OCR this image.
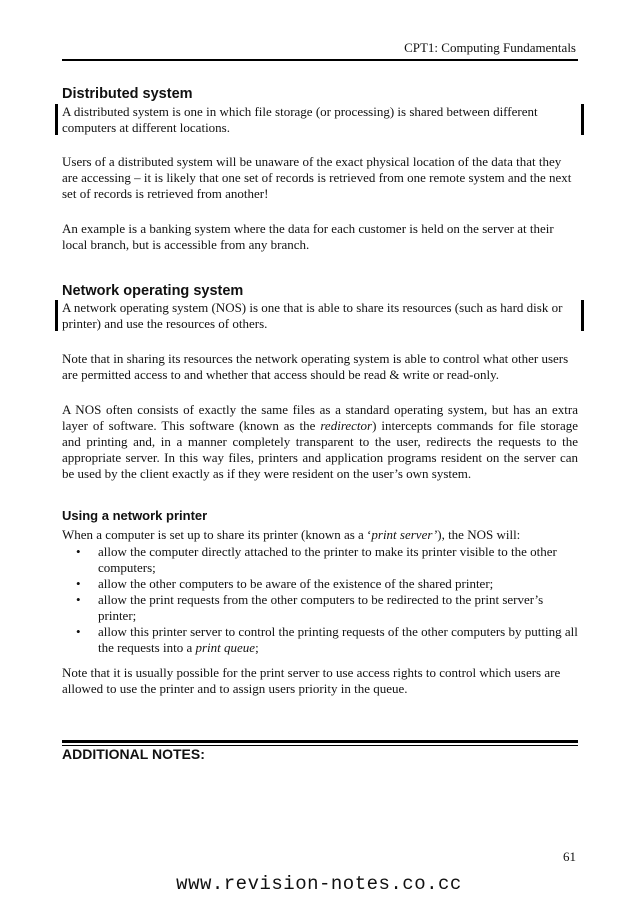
CPT1: Computing Fundamentals
Distributed system
A distributed system is one in which file storage (or processing) is shared between different computers at different locations.
Users of a distributed system will be unaware of the exact physical location of the data that they are accessing – it is likely that one set of records is retrieved from one remote system and the next set of records is retrieved from another!
An example is a banking system where the data for each customer is held on the server at their local branch, but is accessible from any branch.
Network operating system
A network operating system (NOS) is one that is able to share its resources (such as hard disk or printer) and use the resources of others.
Note that in sharing its resources the network operating system is able to control what other users are permitted access to and whether that access should be read & write or read-only.
A NOS often consists of exactly the same files as a standard operating system, but has an extra layer of software. This software (known as the redirector) intercepts commands for file storage and printing and, in a manner completely transparent to the user, redirects the requests to the appropriate server. In this way files, printers and application programs resident on the server can be used by the client exactly as if they were resident on the user’s own system.
Using a network printer
When a computer is set up to share its printer (known as a ‘print server’), the NOS will:
• allow the computer directly attached to the printer to make its printer visible to the other computers;
• allow the other computers to be aware of the existence of the shared printer;
• allow the print requests from the other computers to be redirected to the print server’s printer;
• allow this printer server to control the printing requests of the other computers by putting all the requests into a print queue;
Note that it is usually possible for the print server to use access rights to control which users are allowed to use the printer and to assign users priority in the queue.
ADDITIONAL NOTES:
61
www.revision-notes.co.cc
